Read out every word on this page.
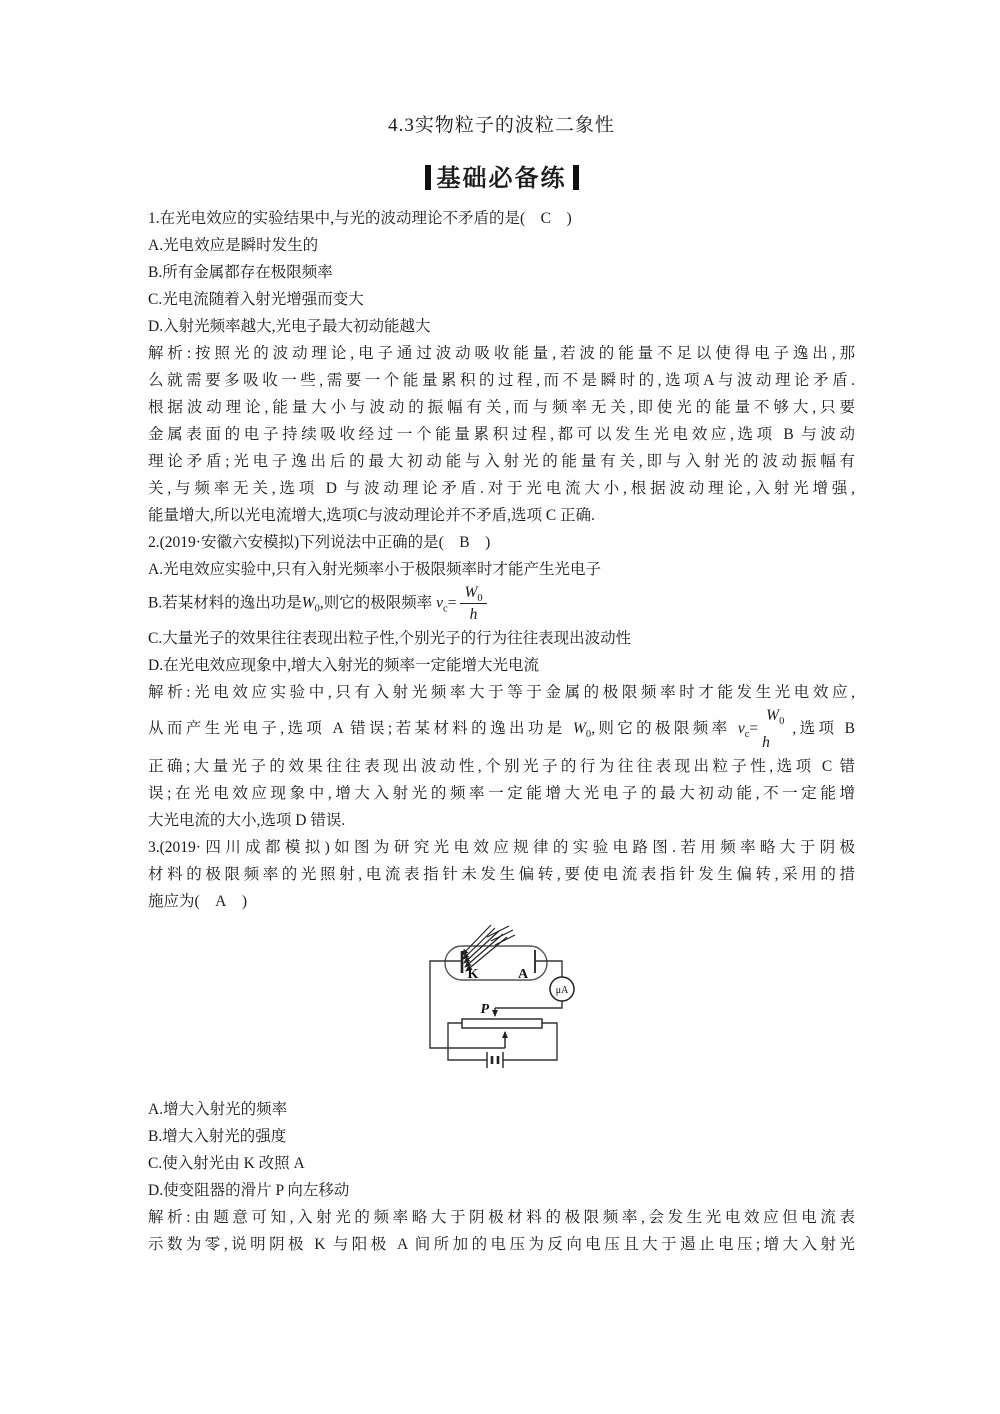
4.3实物粒子的波粒二象性
基础必备练
1.在光电效应的实验结果中,与光的波动理论不矛盾的是( C )
A.光电效应是瞬时发生的
B.所有金属都存在极限频率
C.光电流随着入射光增强而变大
D.入射光频率越大,光电子最大初动能越大
解析:按照光的波动理论,电子通过波动吸收能量,若波的能量不足以使得电子逸出,那
么就需要多吸收一些,需要一个能量累积的过程,而不是瞬时的,选项A与波动理论矛盾.
根据波动理论,能量大小与波动的振幅有关,而与频率无关,即使光的能量不够大,只要
金属表面的电子持续吸收经过一个能量累积过程,都可以发生光电效应,选项 B 与波动
理论矛盾;光电子逸出后的最大初动能与入射光的能量有关,即与入射光的波动振幅有
关,与频率无关,选项 D 与波动理论矛盾.对于光电流大小,根据波动理论,入射光增强,
能量增大,所以光电流增大,选项C与波动理论并不矛盾,选项 C 正确.
2.(2019·安徽六安模拟)下列说法中正确的是( B )
A.光电效应实验中,只有入射光频率小于极限频率时才能产生光电子
B.若某材料的逸出功是$W_0$,则它的极限频率 $\nu_c= \frac{W_0}{h}$
C.大量光子的效果往往表现出粒子性,个别光子的行为往往表现出波动性
D.在光电效应现象中,增大入射光的频率一定能增大光电流
解析:光电效应实验中,只有入射光频率大于等于金属的极限频率时才能发生光电效应,
从而产生光电子,选项 A 错误;若某材料的逸出功是 $W_0$,则它的极限频率 $\nu_c=$
$W_0$
h
,选项 B
正确;大量光子的效果往往表现出波动性,个别光子的行为往往表现出粒子性,选项 C 错
误;在光电效应现象中,增大入射光的频率一定能增大光电子的最大初动能,不一定能增
大光电流的大小,选项 D 错误.
3.(2019·四川成都模拟)如图为研究光电效应规律的实验电路图.若用频率略大于阴极
材料的极限频率的光照射,电流表指针未发生偏转,要使电流表指针发生偏转,采用的措
施应为( A )
μA
K	A
P
A.增大入射光的频率
B.增大入射光的强度
C.使入射光由 K 改照 A
D.使变阻器的滑片 P 向左移动
解析:由题意可知,入射光的频率略大于阴极材料的极限频率,会发生光电效应但电流表
示数为零,说明阴极 K 与阳极 A 间所加的电压为反向电压且大于遏止电压;增大入射光
